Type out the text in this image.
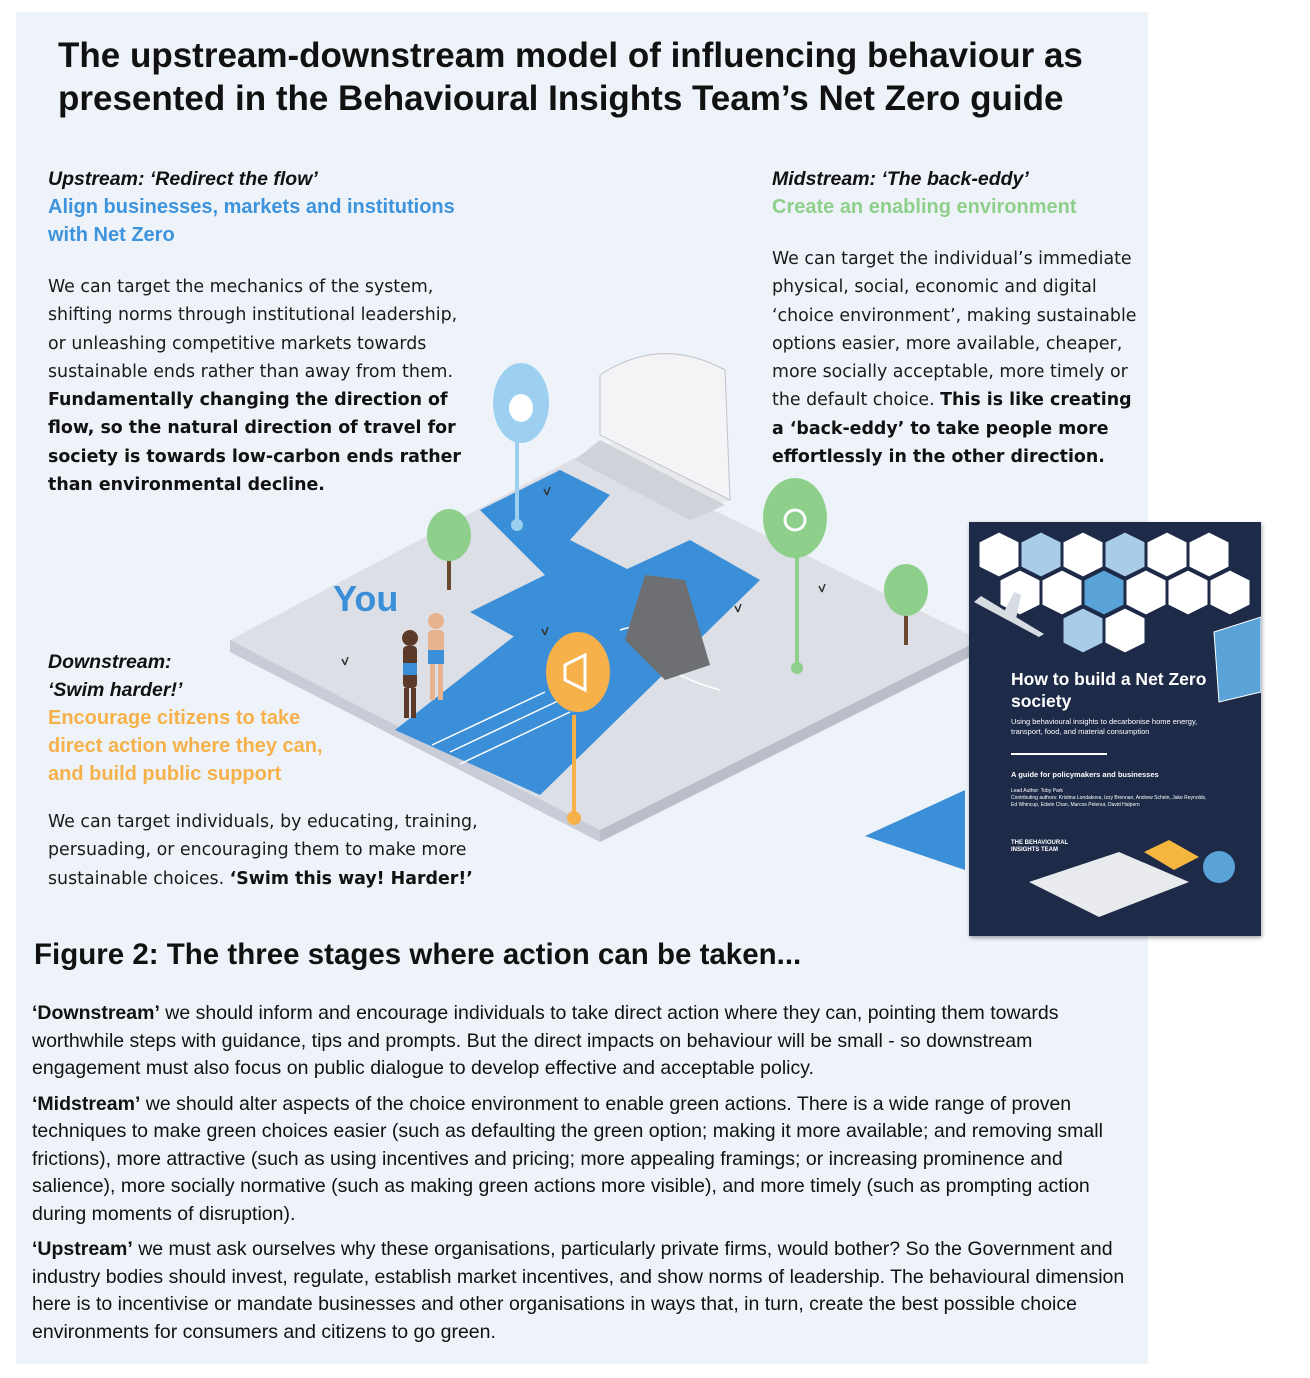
The upstream-downstream model of influencing behaviour as presented in the Behavioural Insights Team’s Net Zero guide
Upstream: ‘Redirect the flow’
Align businesses, markets and institutions with Net Zero
We can target the mechanics of the system, shifting norms through institutional leadership, or unleashing competitive markets towards sustainable ends rather than away from them. Fundamentally changing the direction of flow, so the natural direction of travel for society is towards low-carbon ends rather than environmental decline.
Midstream: ‘The back-eddy’
Create an enabling environment
We can target the individual’s immediate physical, social, economic and digital ‘choice environment’, making sustainable options easier, more available, cheaper, more socially acceptable, more timely or the default choice. This is like creating a ‘back-eddy’ to take people more effortlessly in the other direction.
Downstream:
‘Swim harder!’
Encourage citizens to take direct action where they can, and build public support
We can target individuals, by educating, training, persuading, or encouraging them to make more sustainable choices. ‘Swim this way! Harder!’
You
How to build a Net Zero society
Using behavioural insights to decarbonise home energy, transport, food, and material consumption
A guide for policymakers and businesses
Lead Author: Toby Park
Contributing authors: Kristina Londakova, Izzy Brennan, Andrew Schein, Jake Reynolds, Ed Whincup, Edwin Chan, Marcos Pelenur, David Halpern
THE BEHAVIOURAL INSIGHTS TEAM
Figure 2: The three stages where action can be taken...

‘Downstream’ we should inform and encourage individuals to take direct action where they can, pointing them towards worthwhile steps with guidance, tips and prompts. But the direct impacts on behaviour will be small - so downstream engagement must also focus on public dialogue to develop effective and acceptable policy.

‘Midstream’ we should alter aspects of the choice environment to enable green actions. There is a wide range of proven techniques to make green choices easier (such as defaulting the green option; making it more available; and removing small frictions), more attractive (such as using incentives and pricing; more appealing framings; or increasing prominence and salience), more socially normative (such as making green actions more visible), and more timely (such as prompting action during moments of disruption).

‘Upstream’ we must ask ourselves why these organisations, particularly private firms, would bother? So the Government and industry bodies should invest, regulate, establish market incentives, and show norms of leadership. The behavioural dimension here is to incentivise or mandate businesses and other organisations in ways that, in turn, create the best possible choice environments for consumers and citizens to go green.
